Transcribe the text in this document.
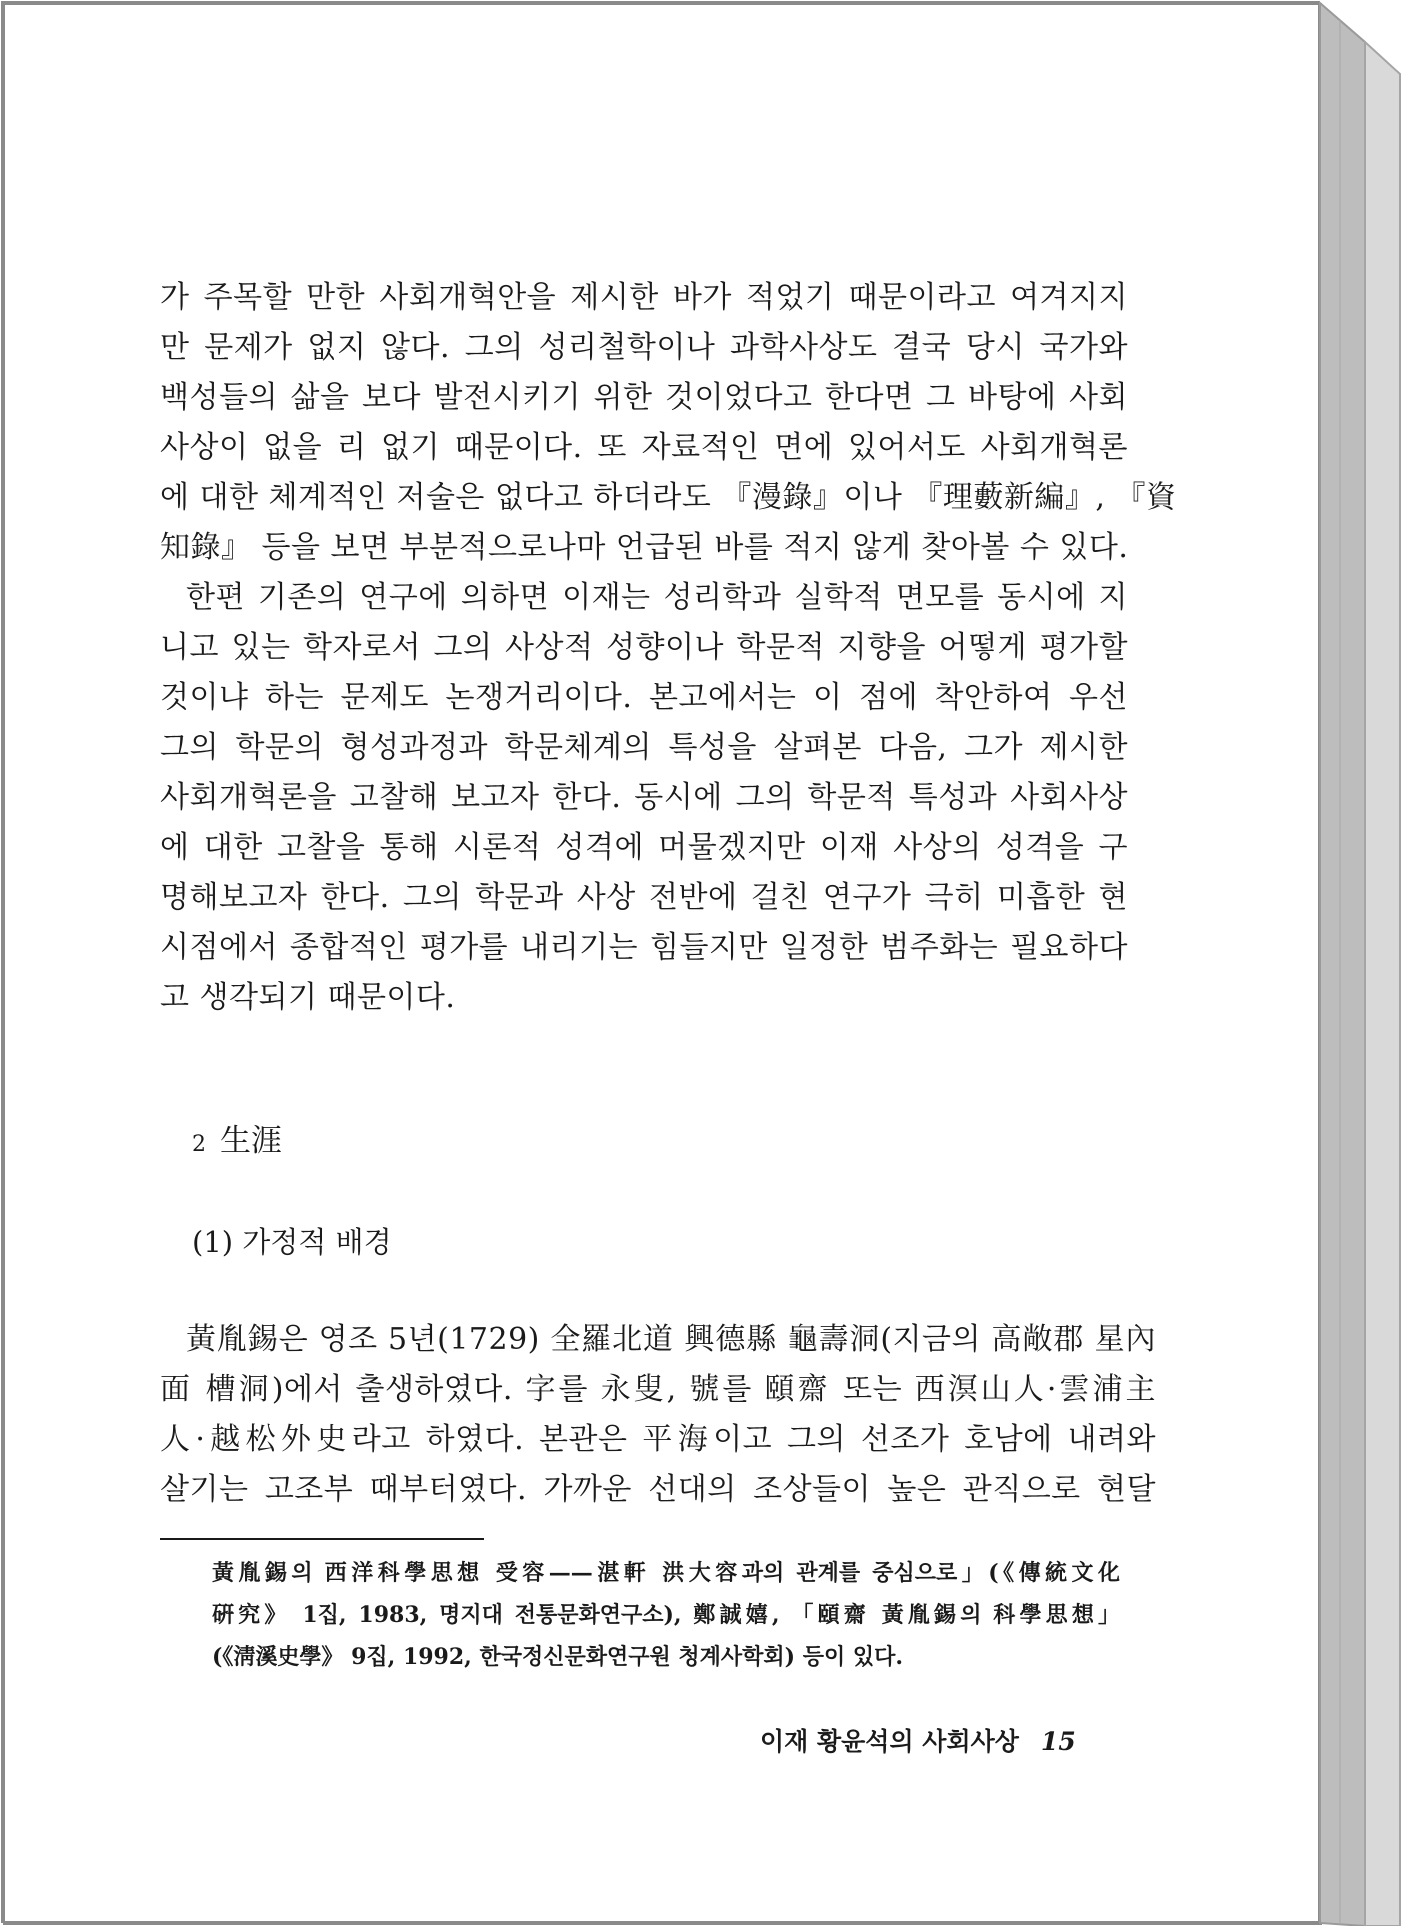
가 주목할 만한 사회개혁안을 제시한 바가 적었기 때문이라고 여겨지지
만 문제가 없지 않다. 그의 성리철학이나 과학사상도 결국 당시 국가와
백성들의 삶을 보다 발전시키기 위한 것이었다고 한다면 그 바탕에 사회
사상이 없을 리 없기 때문이다. 또 자료적인 면에 있어서도 사회개혁론
에 대한 체계적인 저술은 없다고 하더라도 『漫錄』이나 『理藪新編』, 『資
知錄』 등을 보면 부분적으로나마 언급된 바를 적지 않게 찾아볼 수 있다.
한편 기존의 연구에 의하면 이재는 성리학과 실학적 면모를 동시에 지
니고 있는 학자로서 그의 사상적 성향이나 학문적 지향을 어떻게 평가할
것이냐 하는 문제도 논쟁거리이다. 본고에서는 이 점에 착안하여 우선
그의 학문의 형성과정과 학문체계의 특성을 살펴본 다음, 그가 제시한
사회개혁론을 고찰해 보고자 한다. 동시에 그의 학문적 특성과 사회사상
에 대한 고찰을 통해 시론적 성격에 머물겠지만 이재 사상의 성격을 구
명해보고자 한다. 그의 학문과 사상 전반에 걸친 연구가 극히 미흡한 현
시점에서 종합적인 평가를 내리기는 힘들지만 일정한 범주화는 필요하다
고 생각되기 때문이다.
2 生涯
(1) 가정적 배경
黃胤錫은 영조 5년(1729) 全羅北道 興德縣 龜壽洞(지금의 高敞郡 星內
面 槽洞)에서 출생하였다. 字를 永叟, 號를 頤齋 또는 西溟山人·雲浦主
人·越松外史라고 하였다. 본관은 平海이고 그의 선조가 호남에 내려와
살기는 고조부 때부터였다. 가까운 선대의 조상들이 높은 관직으로 현달
黃胤錫의 西洋科學思想 受容——湛軒 洪大容과의 관계를 중심으로」(《傳統文化
硏究》 1집, 1983, 명지대 전통문화연구소), 鄭誠嬉, 「頤齋 黃胤錫의 科學思想」
(《淸溪史學》 9집, 1992, 한국정신문화연구원 청계사학회) 등이 있다.
이재 황윤석의 사회사상 15
